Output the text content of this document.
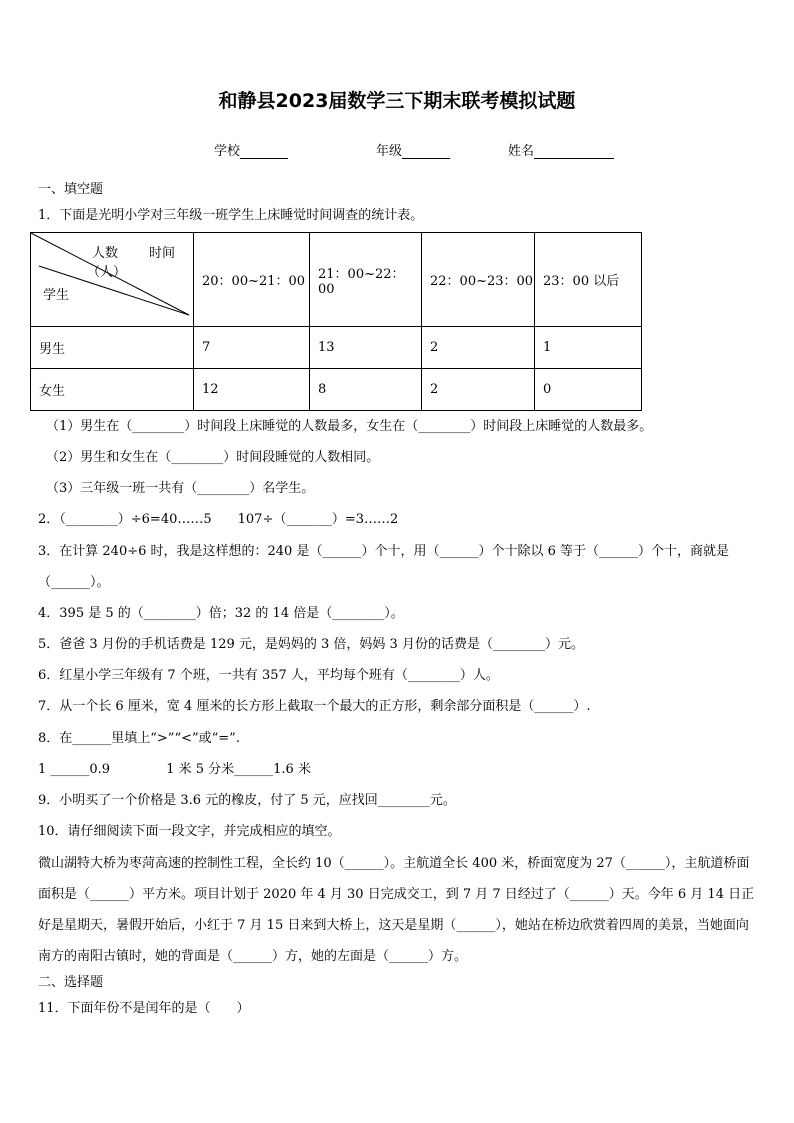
和静县2023届数学三下期末联考模拟试题
学校	年级	姓名
一、填空题
1．下面是光明小学对三年级一班学生上床睡觉时间调查的统计表。
人数
（人）
时间
学生	20：00~21：00	21：00~22：00	22：00~23：00	23：00 以后
男生	7	13	2	1
女生	12	8	2	0
（1）男生在（________）时间段上床睡觉的人数最多，女生在（________）时间段上床睡觉的人数最多。
（2）男生和女生在（________）时间段睡觉的人数相同。
（3）三年级一班一共有（________）名学生。
2．（________）÷6=40……5　　107÷（_______）=3……2
3．在计算 240÷6 时，我是这样想的：240 是（______）个十，用（______）个十除以 6 等于（______）个十，商就是
（______）。
4．395 是 5 的（________）倍；32 的 14 倍是（________）。
5．爸爸 3 月份的手机话费是 129 元，是妈妈的 3 倍，妈妈 3 月份的话费是（________）元。
6．红星小学三年级有 7 个班，一共有 357 人，平均每个班有（________）人。
7．从一个长 6 厘米，宽 4 厘米的长方形上截取一个最大的正方形，剩余部分面积是（______）.
8．在______里填上“>”“<”或“=”.
1 ______0.9　　　　 1 米 5 分米______1.6 米
9．小明买了一个价格是 3.6 元的橡皮，付了 5 元，应找回________元。
10．请仔细阅读下面一段文字，并完成相应的填空。
微山湖特大桥为枣菏高速的控制性工程，全长约 10（______）。主航道全长 400 米，桥面宽度为 27（______），主航道桥面面积是（______）平方米。项目计划于 2020 年 4 月 30 日完成交工，到 7 月 7 日经过了（______）天。今年 6 月 14 日正好是星期天，暑假开始后，小红于 7 月 15 日来到大桥上，这天是星期（______），她站在桥边欣赏着四周的美景，当她面向南方的南阳古镇时，她的背面是（______）方，她的左面是（______）方。
二、选择题
11．下面年份不是闰年的是（　　）
